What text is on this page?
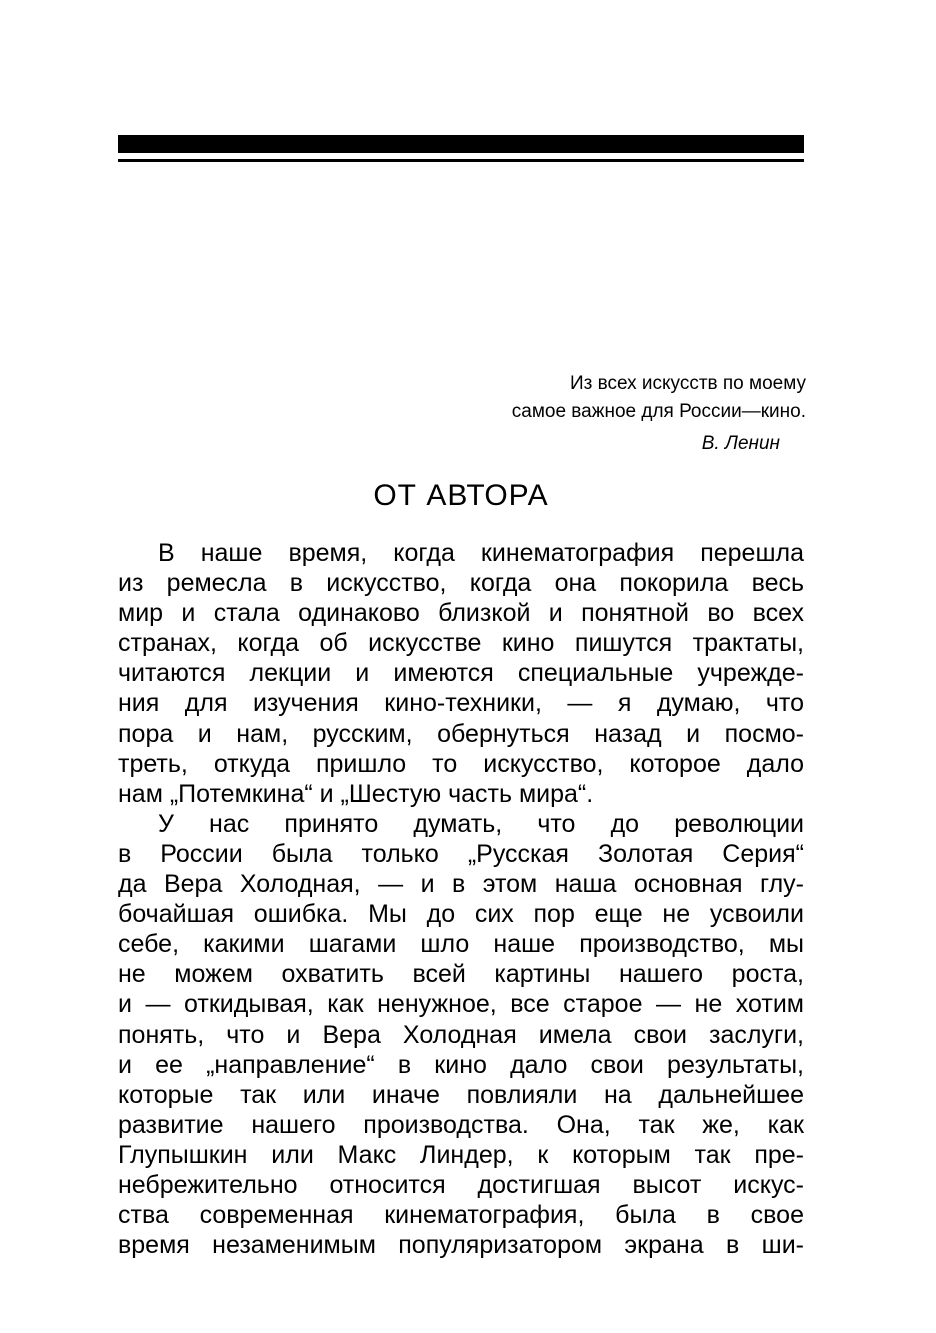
Из всех искусств по моему
самое важное для России—кино.
В. Ленин
ОТ АВТОРА
В наше время, когда кинематография перешла
из ремесла в искусство, когда она покорила весь
мир и стала одинаково близкой и понятной во всех
странах, когда об искусстве кино пишутся трактаты,
читаются лекции и имеются специальные учрежде-
ния для изучения кино-техники, — я думаю, что
пора и нам, русским, обернуться назад и посмо-
треть, откуда пришло то искусство, которое дало
нам „Потемкина“ и „Шестую часть мира“.
У нас принято думать, что до революции
в России была только „Русская Золотая Серия“
да Вера Холодная, — и в этом наша основная глу-
бочайшая ошибка. Мы до сих пор еще не усвоили
себе, какими шагами шло наше производство, мы
не можем охватить всей картины нашего роста,
и — откидывая, как ненужное, все старое — не хотим
понять, что и Вера Холодная имела свои заслуги,
и ее „направление“ в кино дало свои результаты,
которые так или иначе повлияли на дальнейшее
развитие нашего производства. Она, так же, как
Глупышкин или Макс Линдер, к которым так пре-
небрежительно относится достигшая высот искус-
ства современная кинематография, была в свое
время незаменимым популяризатором экрана в ши-
